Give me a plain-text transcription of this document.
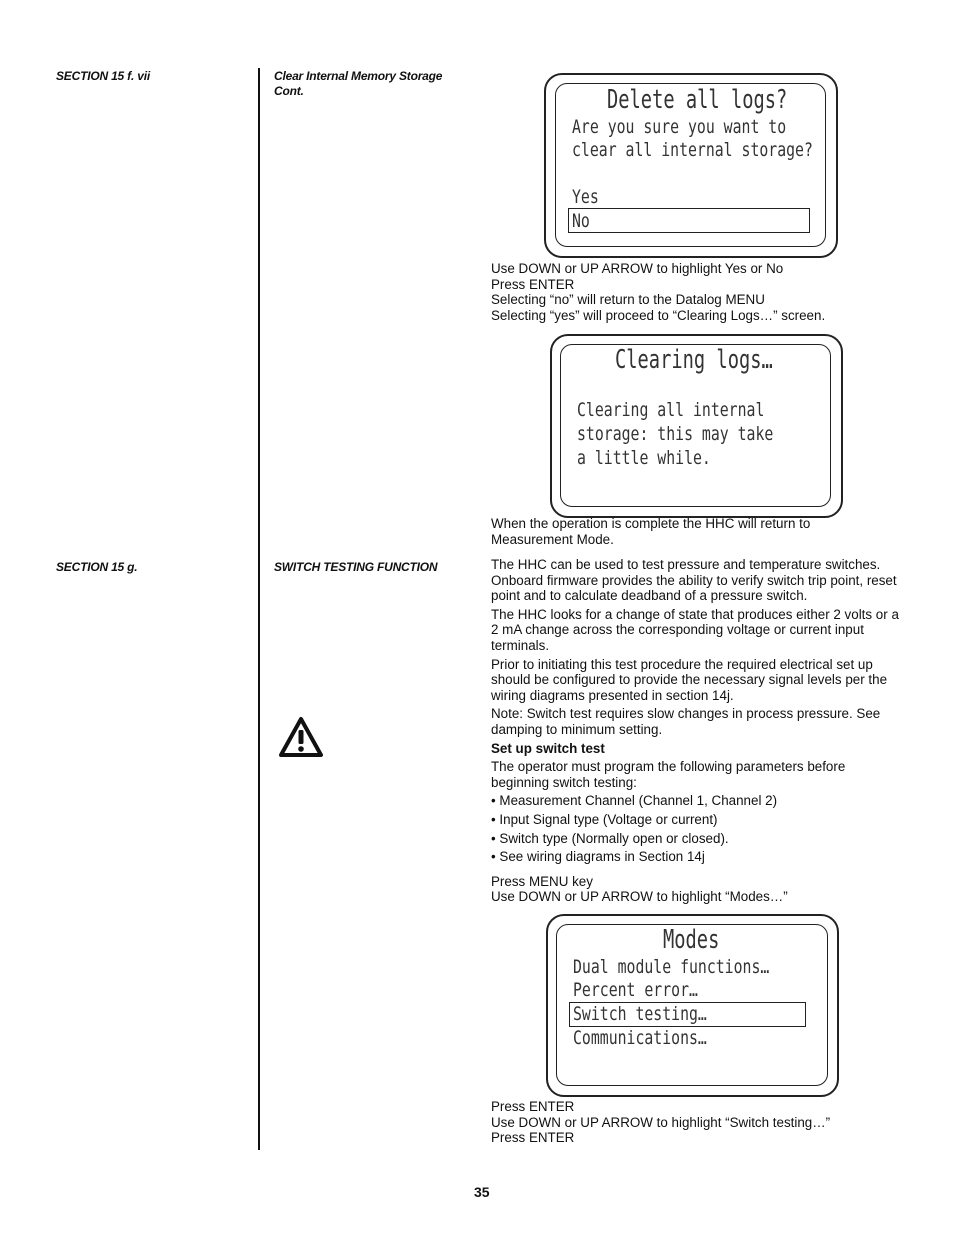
SECTION 15 f. vii	Clear Internal Memory Storage
Cont.
SECTION 15 g.	SWITCH TESTING FUNCTION
Delete all logs?
Are you sure you want to
clear all internal storage?
Yes
No
Use DOWN or UP ARROW to highlight Yes or No
Press ENTER
Selecting “no” will return to the Datalog MENU
Selecting “yes” will proceed to “Clearing Logs…” screen.
Clearing logs…
Clearing all internal
storage: this may take
a little while.
When the operation is complete the HHC will return to
Measurement Mode.
The HHC can be used to test pressure and temperature switches. Onboard firmware provides the ability to verify switch trip point, reset point and to calculate deadband of a pressure switch.
The HHC looks for a change of state that produces either 2 volts or a 2 mA change across the corresponding voltage or current input terminals.
Prior to initiating this test procedure the required electrical set up should be configured to provide the necessary signal levels per the wiring diagrams presented in section 14j.
Note: Switch test requires slow changes in process pressure. See damping to minimum setting.
Set up switch test
The operator must program the following parameters before beginning switch testing:
• Measurement Channel (Channel 1, Channel 2)
• Input Signal type (Voltage or current)
• Switch type (Normally open or closed).
• See wiring diagrams in Section 14j
Press MENU key
Use DOWN or UP ARROW to highlight “Modes…”
Modes
Dual module functions…
Percent error…
Switch testing…
Communications…
Press ENTER
Use DOWN or UP ARROW to highlight “Switch testing…”
Press ENTER
35
